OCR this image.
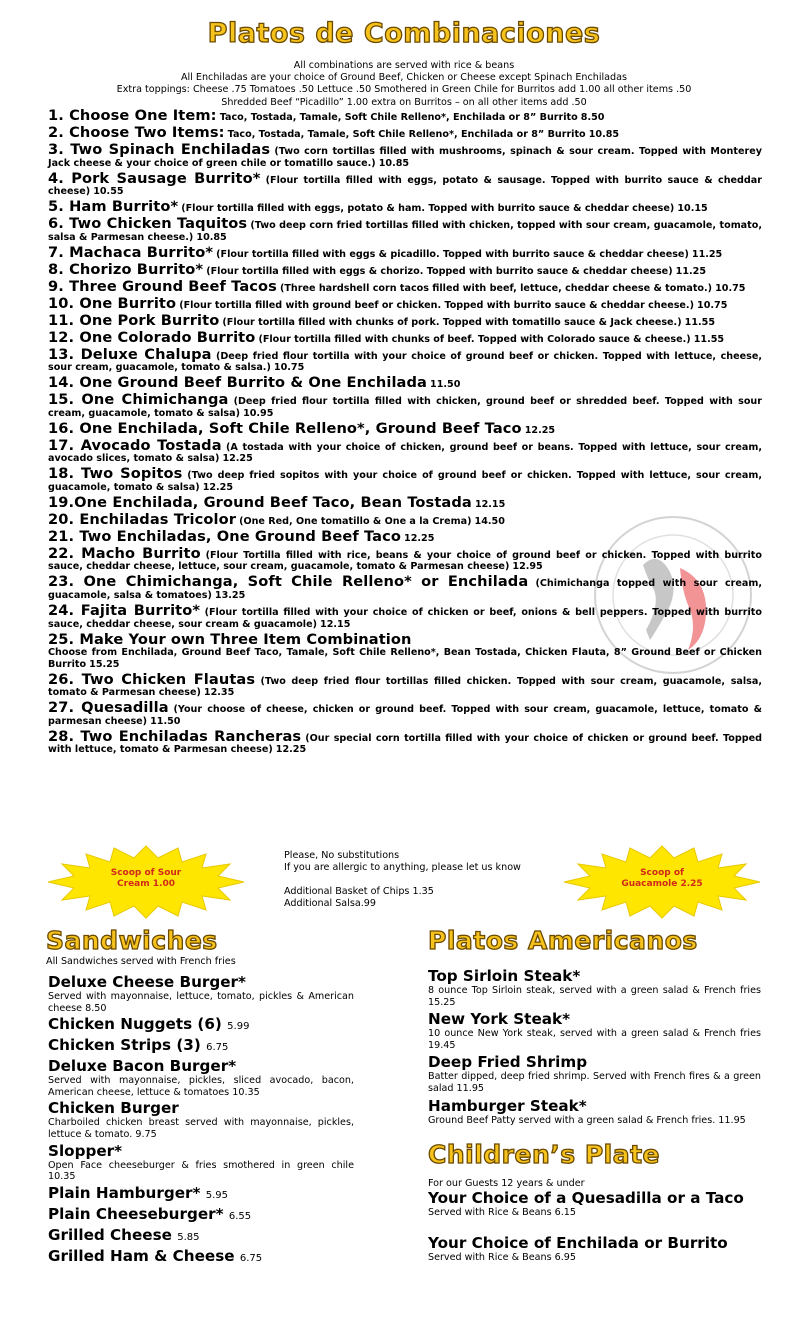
Platos de Combinaciones
All combinations are served with rice & beans
All Enchiladas are your choice of Ground Beef, Chicken or Cheese except Spinach Enchiladas
Extra toppings: Cheese .75 Tomatoes .50 Lettuce .50 Smothered in Green Chile for Burritos add 1.00 all other items .50
Shredded Beef “Picadillo” 1.00 extra on Burritos – on all other items add .50
1. Choose One Item: Taco, Tostada, Tamale, Soft Chile Relleno*, Enchilada or 8” Burrito 8.50
2. Choose Two Items: Taco, Tostada, Tamale, Soft Chile Relleno*, Enchilada or 8” Burrito 10.85
3. Two Spinach Enchiladas (Two corn tortillas filled with mushrooms, spinach & sour cream. Topped with Monterey Jack cheese & your choice of green chile or tomatillo sauce.) 10.85
4. Pork Sausage Burrito* (Flour tortilla filled with eggs, potato & sausage. Topped with burrito sauce & cheddar cheese) 10.55
5. Ham Burrito* (Flour tortilla filled with eggs, potato & ham. Topped with burrito sauce & cheddar cheese) 10.15
6. Two Chicken Taquitos (Two deep corn fried tortillas filled with chicken, topped with sour cream, guacamole, tomato, salsa & Parmesan cheese.) 10.85
7. Machaca Burrito* (Flour tortilla filled with eggs & picadillo. Topped with burrito sauce & cheddar cheese) 11.25
8. Chorizo Burrito* (Flour tortilla filled with eggs & chorizo. Topped with burrito sauce & cheddar cheese) 11.25
9. Three Ground Beef Tacos (Three hardshell corn tacos filled with beef, lettuce, cheddar cheese & tomato.) 10.75
10. One Burrito (Flour tortilla filled with ground beef or chicken. Topped with burrito sauce & cheddar cheese.) 10.75
11. One Pork Burrito (Flour tortilla filled with chunks of pork. Topped with tomatillo sauce & Jack cheese.) 11.55
12. One Colorado Burrito (Flour tortilla filled with chunks of beef. Topped with Colorado sauce & cheese.) 11.55
13. Deluxe Chalupa (Deep fried flour tortilla with your choice of ground beef or chicken. Topped with lettuce, cheese, sour cream, guacamole, tomato & salsa.) 10.75
14. One Ground Beef Burrito & One Enchilada 11.50
15. One Chimichanga (Deep fried flour tortilla filled with chicken, ground beef or shredded beef. Topped with sour cream, guacamole, tomato & salsa) 10.95
16. One Enchilada, Soft Chile Relleno*, Ground Beef Taco 12.25
17. Avocado Tostada (A tostada with your choice of chicken, ground beef or beans. Topped with lettuce, sour cream, avocado slices, tomato & salsa) 12.25
18. Two Sopitos (Two deep fried sopitos with your choice of ground beef or chicken. Topped with lettuce, sour cream, guacamole, tomato & salsa) 12.25
19.One Enchilada, Ground Beef Taco, Bean Tostada 12.15
20. Enchiladas Tricolor (One Red, One tomatillo & One a la Crema) 14.50
21. Two Enchiladas, One Ground Beef Taco 12.25
22. Macho Burrito (Flour Tortilla filled with rice, beans & your choice of ground beef or chicken. Topped with burrito sauce, cheddar cheese, lettuce, sour cream, guacamole, tomato & Parmesan cheese) 12.95
23. One Chimichanga, Soft Chile Relleno* or Enchilada (Chimichanga topped with sour cream, guacamole, salsa & tomatoes) 13.25
24. Fajita Burrito* (Flour tortilla filled with your choice of chicken or beef, onions & bell peppers. Topped with burrito sauce, cheddar cheese, sour cream & guacamole) 12.15
25. Make Your own Three Item Combination
Choose from Enchilada, Ground Beef Taco, Tamale, Soft Chile Relleno*, Bean Tostada, Chicken Flauta, 8” Ground Beef or Chicken Burrito 15.25
26. Two Chicken Flautas (Two deep fried flour tortillas filled chicken. Topped with sour cream, guacamole, salsa, tomato & Parmesan cheese) 12.35
27. Quesadilla (Your choose of cheese, chicken or ground beef. Topped with sour cream, guacamole, lettuce, tomato & parmesan cheese) 11.50
28. Two Enchiladas Rancheras (Our special corn tortilla filled with your choice of chicken or ground beef. Topped with lettuce, tomato & Parmesan cheese) 12.25
Scoop of Sour Cream 1.00
Scoop of Guacamole 2.25
Please, No substitutions
If you are allergic to anything, please let us know
Additional Basket of Chips 1.35
Additional Salsa.99
Sandwiches
All Sandwiches served with French fries
Deluxe Cheese Burger*
Served with mayonnaise, lettuce, tomato, pickles & American cheese 8.50
Chicken Nuggets (6) 5.99
Chicken Strips (3) 6.75
Deluxe Bacon Burger*
Served with mayonnaise, pickles, sliced avocado, bacon, American cheese, lettuce & tomatoes 10.35
Chicken Burger
Charboiled chicken breast served with mayonnaise, pickles, lettuce & tomato. 9.75
Slopper*
Open Face cheeseburger & fries smothered in green chile 10.35
Plain Hamburger* 5.95
Plain Cheeseburger* 6.55
Grilled Cheese 5.85
Grilled Ham & Cheese 6.75
Platos Americanos
Top Sirloin Steak*
8 ounce Top Sirloin steak, served with a green salad & French fries 15.25
New York Steak*
10 ounce New York steak, served with a green salad & French fries 19.45
Deep Fried Shrimp
Batter dipped, deep fried shrimp. Served with French fires & a green salad 11.95
Hamburger Steak*
Ground Beef Patty served with a green salad & French fries. 11.95
Children’s Plate
For our Guests 12 years & under
Your Choice of a Quesadilla or a Taco
Served with Rice & Beans 6.15
Your Choice of Enchilada or Burrito
Served with Rice & Beans 6.95
